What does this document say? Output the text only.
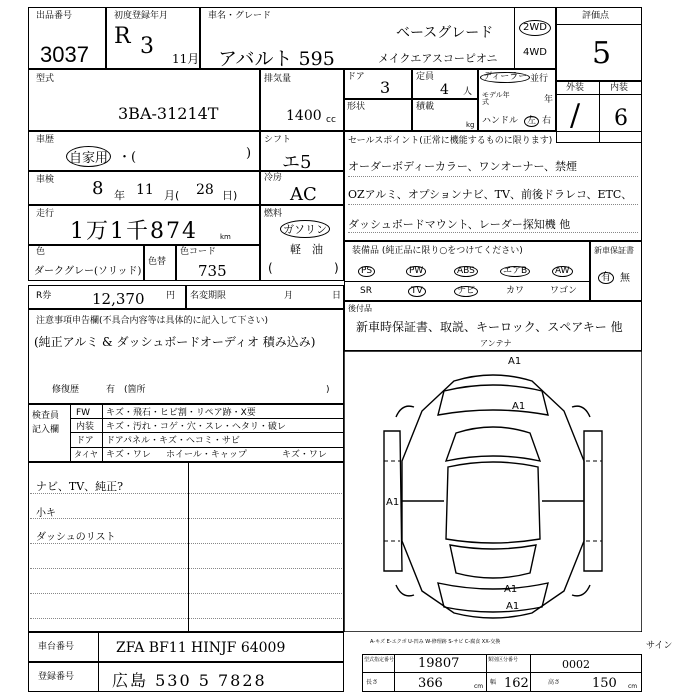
出品番号
3037
初度登録年月
R 3 11月
車名・グレード
アバルト 595
ベースグレード
メイクエアスコーピオニ
2WD
4WD
評価点
5
型式
3BA-31214T
排気量
1400 cc
ドア
3
定員
4 人
ディーラー 並行
モデル年式	年
ハンドル 左 右
形状	積載
kg
外装	内装
/ 6
車歴
自家用 ・(	)
車検 8 年 11 月( 28 日)
走行
1万1千874	km
シフト
エ5
冷房
AC
燃料
ガソリン
軽 油
(	)
色
ダークグレー(ソリッド)
色替
色コード
735
R券	12,370 円 名変期限	月	日
注意事項申告欄(不具合内容等は具体的に記入して下さい)
(純正アルミ & ダッシュボードオーディオ 積み込み)
修復歴	有 (箇所	)
セールスポイント(正常に機能するものに限ります)
オーダーボディーカラー、ワンオーナー、禁煙
OZアルミ、オプションナビ、TV、前後ドラレコ、ETC、
ダッシュボードマウント、レーダー探知機 他
装備品 (純正品に限り○をつけてください)
PS	PW	ABS	エアB	AW
SR	TV	ナビ	カワ	ワゴン
新車保証書
有 無
後付品
新車時保証書、取説、キーロック、スペアキー 他
アンテナ
検査員
記入欄
FW キズ・飛石・ヒビ割・リペア跡・X要
内装 キズ・汚れ・コゲ・穴・スレ・ヘタリ・破レ
ドア ドアパネル・キズ・ヘコミ・サビ
タイヤ キズ・ワレ ホイール・キャップ	キズ・ワレ
ナビ、TV、純正?
小キ
ダッシュのリスト
A1
A1
A1
A1
A1
A-キズ E-エクボ U-凹み W-修理跡 S-サビ C-腐食 XX-交換
車台番号	ZFA BF11 HINJF 64009
登録番号 広島 530 5 7828
型式指定番号 19807	類別区分番号	0002
長さ	366	cm
幅 162	高さ 150 cm
サイン
